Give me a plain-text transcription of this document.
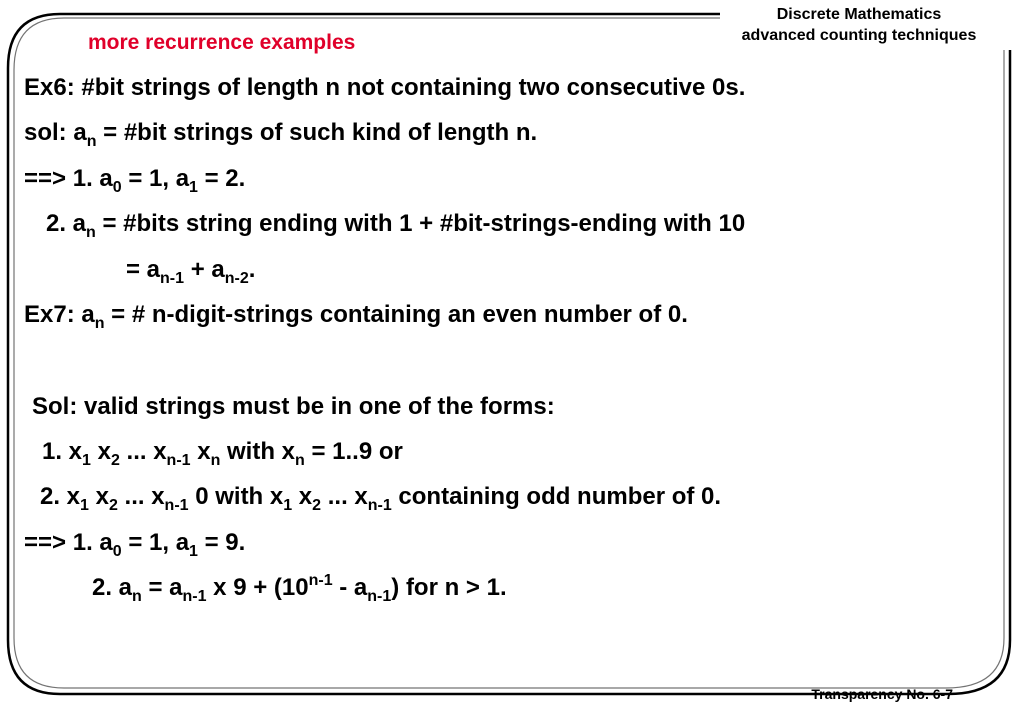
Discrete Mathematics
advanced counting techniques
more recurrence examples
Ex6: #bit strings of length n not containing two consecutive 0s.
sol: $a_n$ = #bit strings of such kind of length n.
==> 1. $a_0 = 1$, $a_1 = 2$.
2. $a_n$ = #bits string ending with 1 + #bit-strings-ending with 10
= $a_{n-1} + a_{n-2}$.
Ex7: $a_n$ = # n-digit-strings containing an even number of 0.
Sol: valid strings must be in one of the forms:
1. $x_1$ $x_2$ ... $x_{n-1}$ $x_n$ with $x_n = 1..9$ or
2. $x_1$ $x_2$ ... $x_{n-1}$ 0 with $x_1$ $x_2$ ... $x_{n-1}$ containing odd number of 0.
==> 1. $a_0 = 1$, $a_1 = 9$.
2. $a_n = a_{n-1}$ x $9 + (10^{n-1} - a_{n-1})$ for n > 1.
Transparency No. 6-7
